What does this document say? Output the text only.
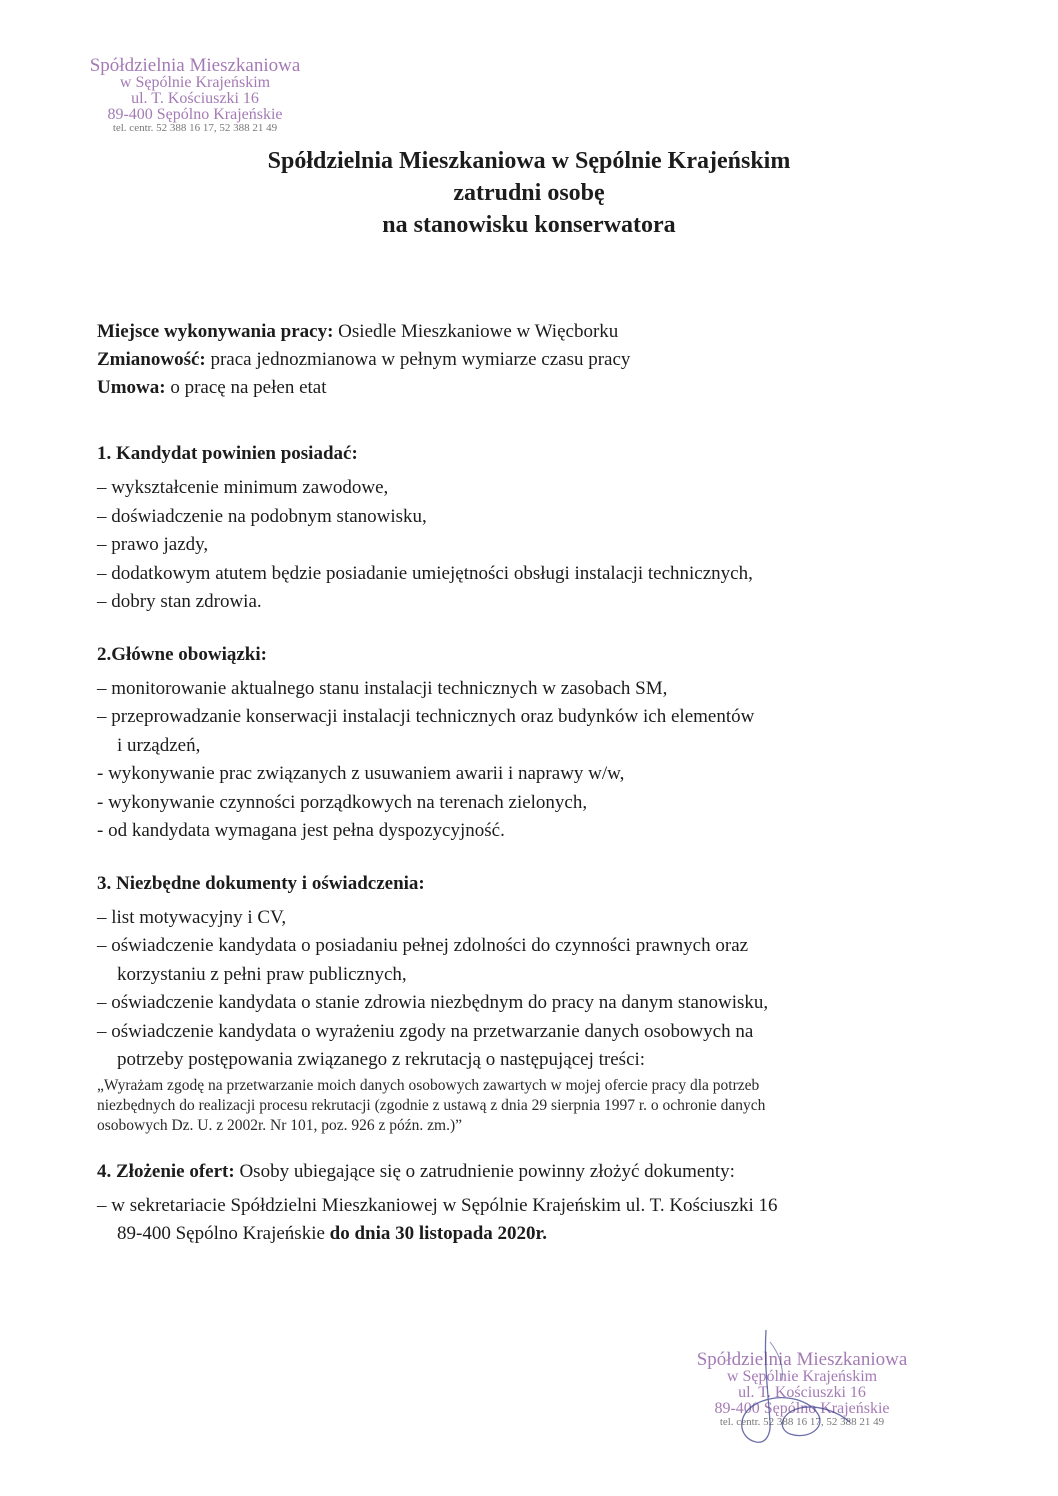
Spółdzielnia Mieszkaniowa
w Sępólnie Krajeńskim
ul. T. Kościuszki 16
89-400 Sępólno Krajeńskie
tel. centr. 52 388 16 17, 52 388 21 49
Spółdzielnia Mieszkaniowa w Sępólnie Krajeńskim
zatrudni osobę
na stanowisku konserwatora
Miejsce wykonywania pracy: Osiedle Mieszkaniowe w Więcborku
Zmianowość: praca jednozmianowa w pełnym wymiarze czasu pracy
Umowa: o pracę na pełen etat
1. Kandydat powinien posiadać:
– wykształcenie minimum zawodowe,
– doświadczenie na podobnym stanowisku,
– prawo jazdy,
– dodatkowym atutem będzie posiadanie umiejętności obsługi instalacji technicznych,
– dobry stan zdrowia.
2.Główne obowiązki:
– monitorowanie aktualnego stanu instalacji technicznych w zasobach SM,
– przeprowadzanie konserwacji instalacji technicznych oraz budynków ich elementów
i urządzeń,
- wykonywanie prac związanych z usuwaniem awarii i naprawy w/w,
- wykonywanie czynności porządkowych na terenach zielonych,
- od kandydata wymagana jest pełna dyspozycyjność.
3. Niezbędne dokumenty i oświadczenia:
– list motywacyjny i CV,
– oświadczenie kandydata o posiadaniu pełnej zdolności do czynności prawnych oraz
korzystaniu z pełni praw publicznych,
– oświadczenie kandydata o stanie zdrowia niezbędnym do pracy na danym stanowisku,
– oświadczenie kandydata o wyrażeniu zgody na przetwarzanie danych osobowych na
potrzeby postępowania związanego z rekrutacją o następującej treści:
„Wyrażam zgodę na przetwarzanie moich danych osobowych zawartych w mojej ofercie pracy dla potrzeb
niezbędnych do realizacji procesu rekrutacji (zgodnie z ustawą z dnia 29 sierpnia 1997 r. o ochronie danych
osobowych Dz. U. z 2002r. Nr 101, poz. 926 z późn. zm.)”
4. Złożenie ofert: Osoby ubiegające się o zatrudnienie powinny złożyć dokumenty:
– w sekretariacie Spółdzielni Mieszkaniowej w Sępólnie Krajeńskim ul. T. Kościuszki 16
89-400 Sępólno Krajeńskie do dnia 30 listopada 2020r.
Spółdzielnia Mieszkaniowa
w Sępólnie Krajeńskim
ul. T. Kościuszki 16
89-400 Sępólno Krajeńskie
tel. centr. 52 388 16 17, 52 388 21 49
